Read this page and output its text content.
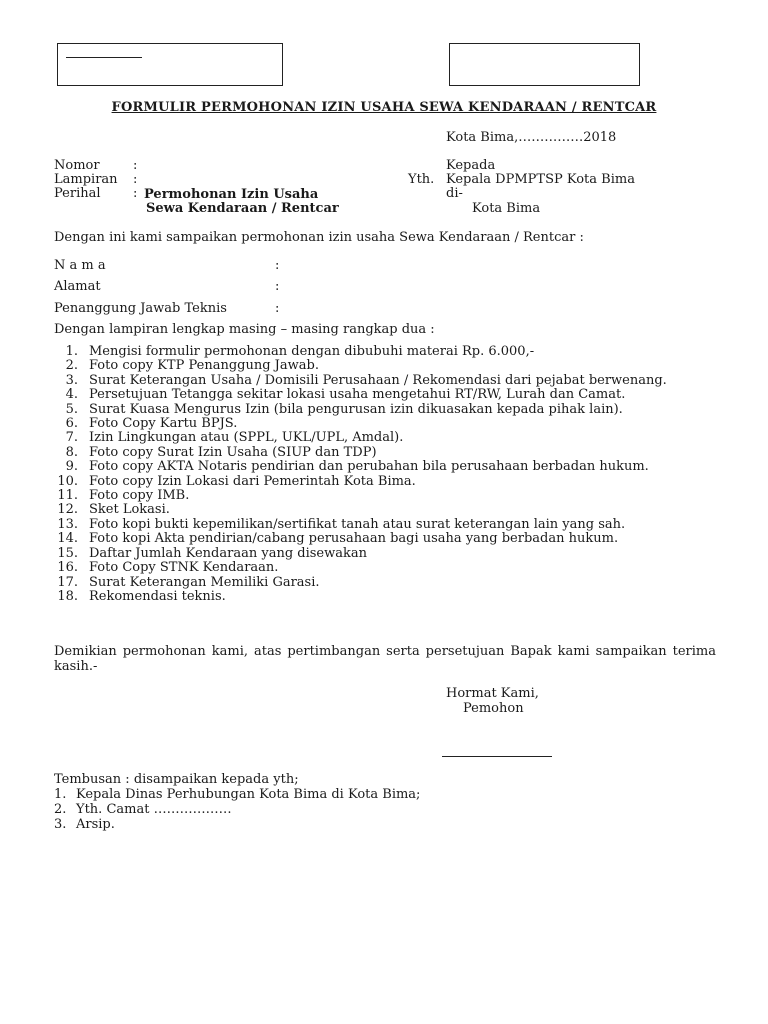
FORMULIR PERMOHONAN IZIN USAHA SEWA KENDARAAN / RENTCAR
Kota Bima,……………2018
Nomor	:
Lampiran :
Perihal : Permohonan Izin Usaha
Sewa Kendaraan / Rentcar
Kepada
Yth. Kepala DPMPTSP Kota Bima
di-
Kota Bima
Dengan ini kami sampaikan permohonan izin usaha Sewa Kendaraan / Rentcar :
N a m a	:
Alamat	:
Penanggung Jawab Teknis	:
Dengan lampiran lengkap masing – masing rangkap dua :
1. Mengisi formulir permohonan dengan dibubuhi materai Rp. 6.000,-
2. Foto copy KTP Penanggung Jawab.
3. Surat Keterangan Usaha / Domisili Perusahaan / Rekomendasi dari pejabat berwenang.
4. Persetujuan Tetangga sekitar lokasi usaha mengetahui RT/RW, Lurah dan Camat.
5. Surat Kuasa Mengurus Izin (bila pengurusan izin dikuasakan kepada pihak lain).
6. Foto Copy Kartu BPJS.
7. Izin Lingkungan atau (SPPL, UKL/UPL, Amdal).
8. Foto copy Surat Izin Usaha (SIUP dan TDP)
9. Foto copy AKTA Notaris pendirian dan perubahan bila perusahaan berbadan hukum.
10. Foto copy Izin Lokasi dari Pemerintah Kota Bima.
11. Foto copy IMB.
12. Sket Lokasi.
13. Foto kopi bukti kepemilikan/sertifikat tanah atau surat keterangan lain yang sah.
14. Foto kopi Akta pendirian/cabang perusahaan bagi usaha yang berbadan hukum.
15. Daftar Jumlah Kendaraan yang disewakan
16. Foto Copy STNK Kendaraan.
17. Surat Keterangan Memiliki Garasi.
18. Rekomendasi teknis.
Demikian permohonan kami, atas pertimbangan serta persetujuan Bapak kami sampaikan terima kasih.-
Hormat Kami,
Pemohon
Tembusan : disampaikan kepada yth;
1. Kepala Dinas Perhubungan Kota Bima di Kota Bima;
2. Yth. Camat ………………
3. Arsip.
